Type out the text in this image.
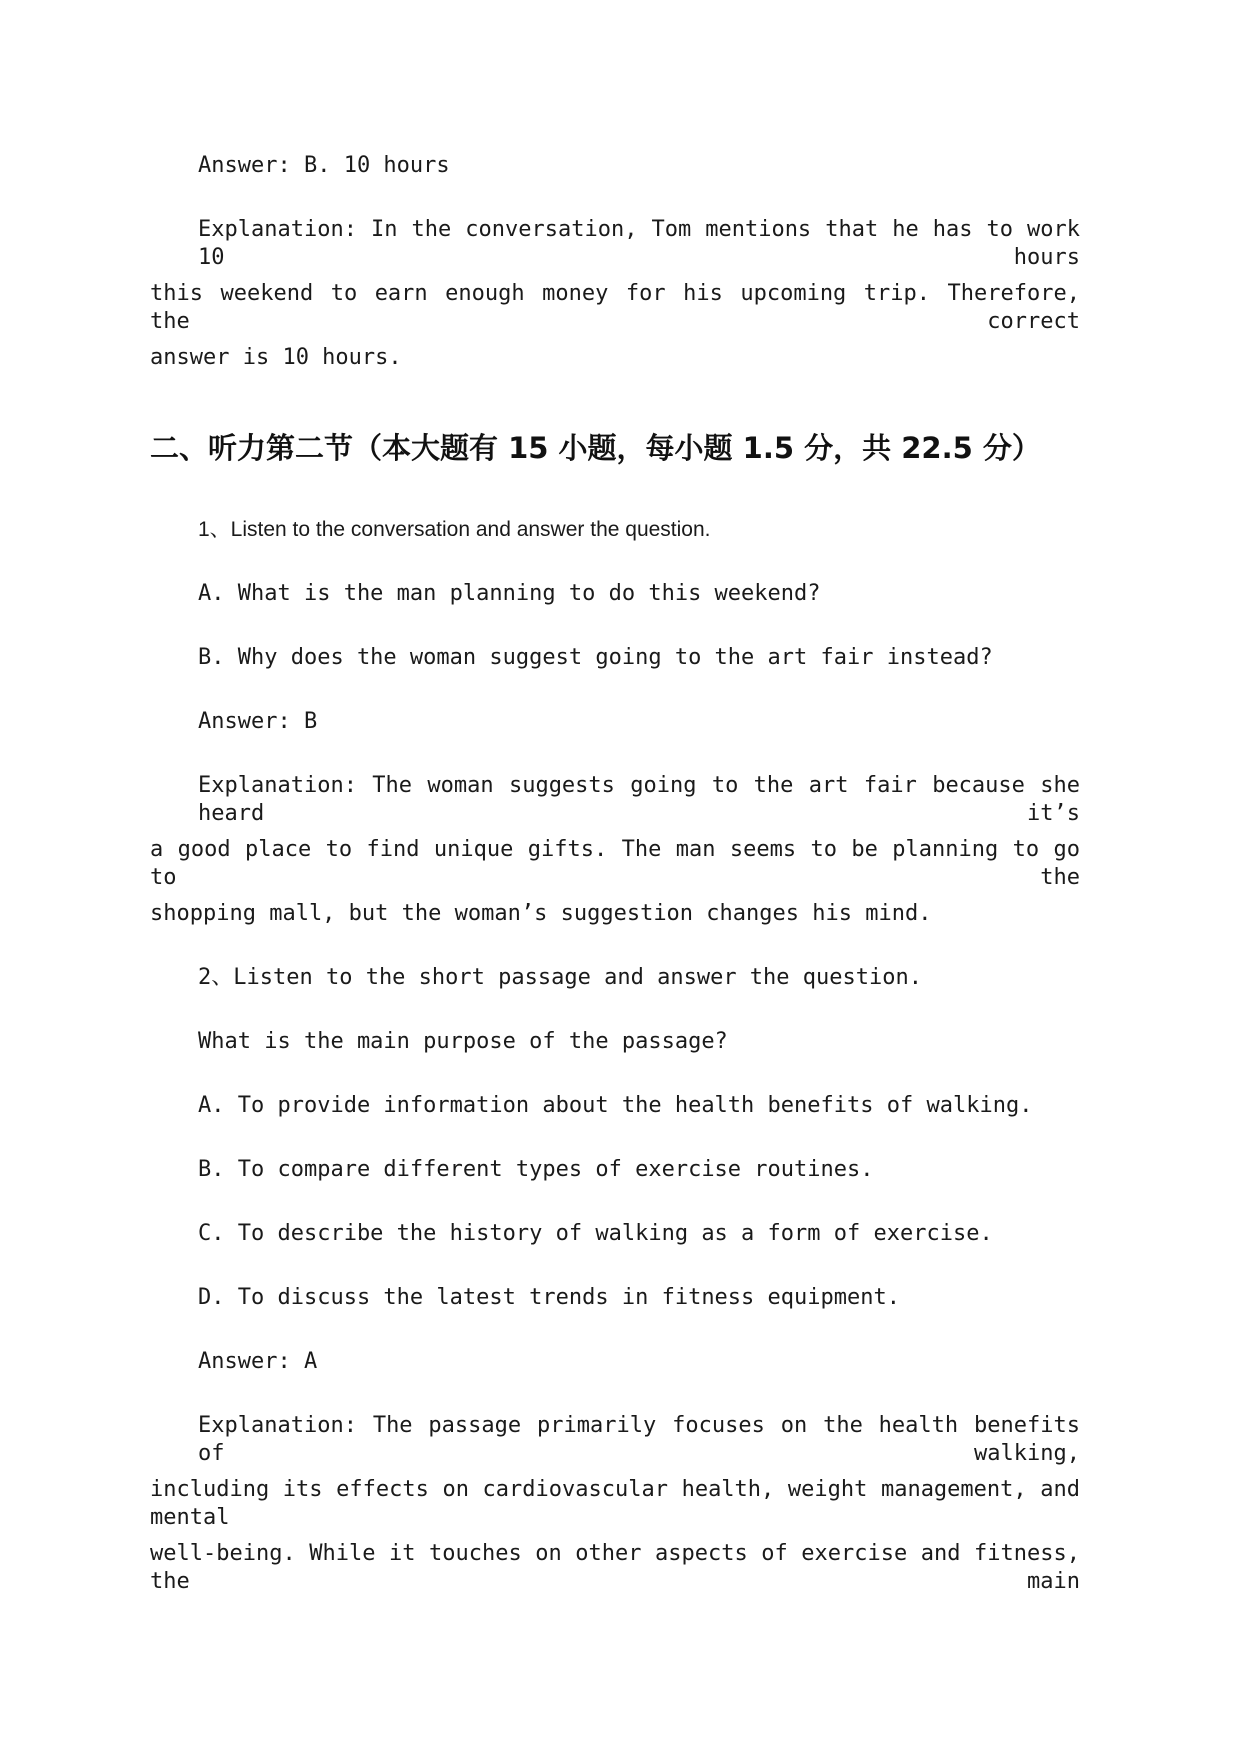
Answer: B. 10 hours
Explanation: In the conversation, Tom mentions that he has to work 10 hours
this weekend to earn enough money for his upcoming trip. Therefore, the correct
answer is 10 hours.
二、听力第二节（本大题有 15 小题，每小题 1.5 分，共 22.5 分）
1、Listen to the conversation and answer the question.
A. What is the man planning to do this weekend?
B. Why does the woman suggest going to the art fair instead?
Answer: B
Explanation: The woman suggests going to the art fair because she heard it’s
a good place to find unique gifts. The man seems to be planning to go to the
shopping mall, but the woman’s suggestion changes his mind.
2、Listen to the short passage and answer the question.
What is the main purpose of the passage?
A. To provide information about the health benefits of walking.
B. To compare different types of exercise routines.
C. To describe the history of walking as a form of exercise.
D. To discuss the latest trends in fitness equipment.
Answer: A
Explanation: The passage primarily focuses on the health benefits of walking,
including its effects on cardiovascular health, weight management, and mental
well-being. While it touches on other aspects of exercise and fitness, the main
